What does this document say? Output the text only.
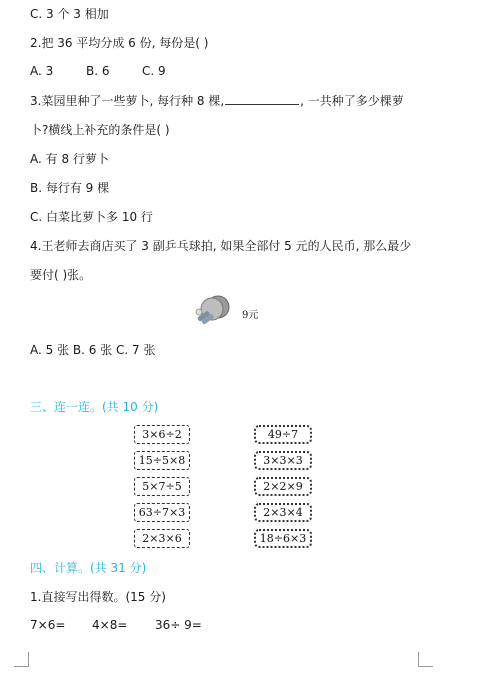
C. 3 个 3 相加
2.把 36 平均分成 6 份, 每份是( )
A. 3	B. 6	C. 9
3.菜园里种了一些萝卜, 每行种 8 棵,	, 一共种了多少棵萝
卜?横线上补充的条件是( )
A. 有 8 行萝卜
B. 每行有 9 棵
C. 白菜比萝卜多 10 行
4.王老师去商店买了 3 副乒乓球拍, 如果全部付 5 元的人民币, 那么最少
要付( )张。
9元
A. 5 张 B. 6 张 C. 7 张
三、连一连。(共 10 分)
3×6÷2
15÷5×8
5×7÷5
63÷7×3
2×3×6
49÷7
3×3×3
2×2×9
2×3×4
18÷6×3
四、计算。(共 31 分)
1.直接写出得数。(15 分)
7×6= 4×8= 36÷ 9=
